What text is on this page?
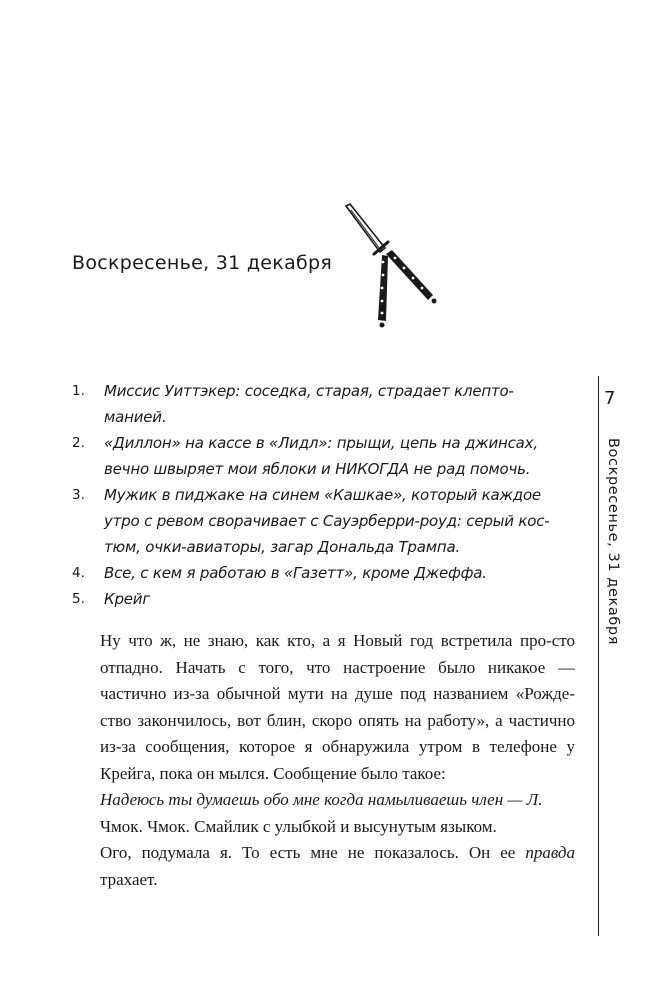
Воскресенье, 31 декабря
1. Миссис Уиттэкер: соседка, старая, страдает клепто-
манией.
2. «Диллон» на кассе в «Лидл»: прыщи, цепь на джинсах,
вечно швыряет мои яблоки и НИКОГДА не рад помочь.
3. Мужик в пиджаке на синем «Кашкае», который каждое
утро с ревом сворачивает с Сауэрберри-роуд: серый кос-
тюм, очки-авиаторы, загар Дональда Трампа.
4. Все, с кем я работаю в «Газетт», кроме Джеффа.
5. Крейг

Ну что ж, не знаю, как кто, а я Новый год встретила про-сто отпадно. Начать с того, что настроение было никакое — частично из-за обычной мути на душе под названием «Рожде-ство закончилось, вот блин, скоро опять на работу», а частично из-за сообщения, которое я обнаружила утром в телефоне у Крейга, пока он мылся. Сообщение было такое:

Надеюсь ты думаешь обо мне когда намыливаешь член — Л.

Чмок. Чмок. Смайлик с улыбкой и высунутым языком.

Ого, подумала я. То есть мне не показалось. Он ее правда трахает.

7
Воскресенье, 31 декабря
